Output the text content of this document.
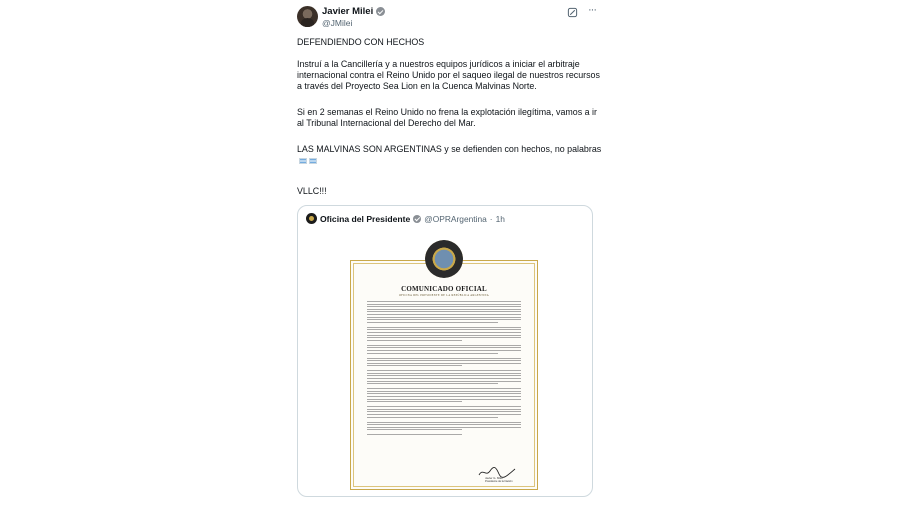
Javier Milei
@JMilei
···
DEFENDIENDO CON HECHOS
Instruí a la Cancillería y a nuestros equipos jurídicos a iniciar el arbitraje internacional contra el Reino Unido por el saqueo ilegal de nuestros recursos a través del Proyecto Sea Lion en la Cuenca Malvinas Norte.
Si en 2 semanas el Reino Unido no frena la explotación ilegítima, vamos a ir al Tribunal Internacional del Derecho del Mar.
LAS MALVINAS SON ARGENTINAS y se defienden con hechos, no palabras
VLLC!!!
Oficina del Presidente @OPRArgentina · 1h
COMUNICADO OFICIAL
OFICINA DEL PRESIDENTE DE LA REPÚBLICA ARGENTINA
Javier G. Milei
Presidente de la Nación
